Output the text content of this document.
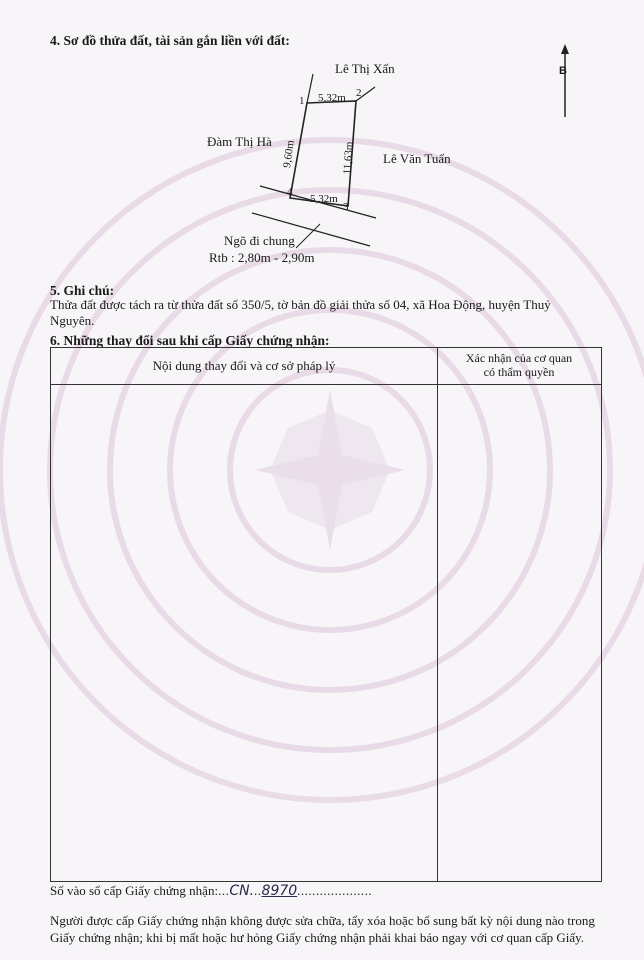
4. Sơ đồ thửa đất, tài sản gắn liền với đất:
B
Lê Thị Xấn
Đàm Thị Hà
Lê Văn Tuấn
Ngõ đi chung
Rtb : 2,80m - 2,90m
1
2
3
4
5,32m
5,32m
9,60m	11,63m
5. Ghi chú:
Thửa đất được tách ra từ thửa đất số 350/5, tờ bản đồ giải thửa số 04, xã Hoa Động, huyện Thuỷ
Nguyên.
6. Những thay đổi sau khi cấp Giấy chứng nhận:
Nội dung thay đổi và cơ sở pháp lý	Xác nhận của cơ quan
có thẩm quyền
Số vào sổ cấp Giấy chứng nhận:...CN...8970....................
Người được cấp Giấy chứng nhận không được sửa chữa, tẩy xóa hoặc bổ sung bất kỳ nội dung nào trong
Giấy chứng nhận; khi bị mất hoặc hư hỏng Giấy chứng nhận phải khai báo ngay với cơ quan cấp Giấy.
